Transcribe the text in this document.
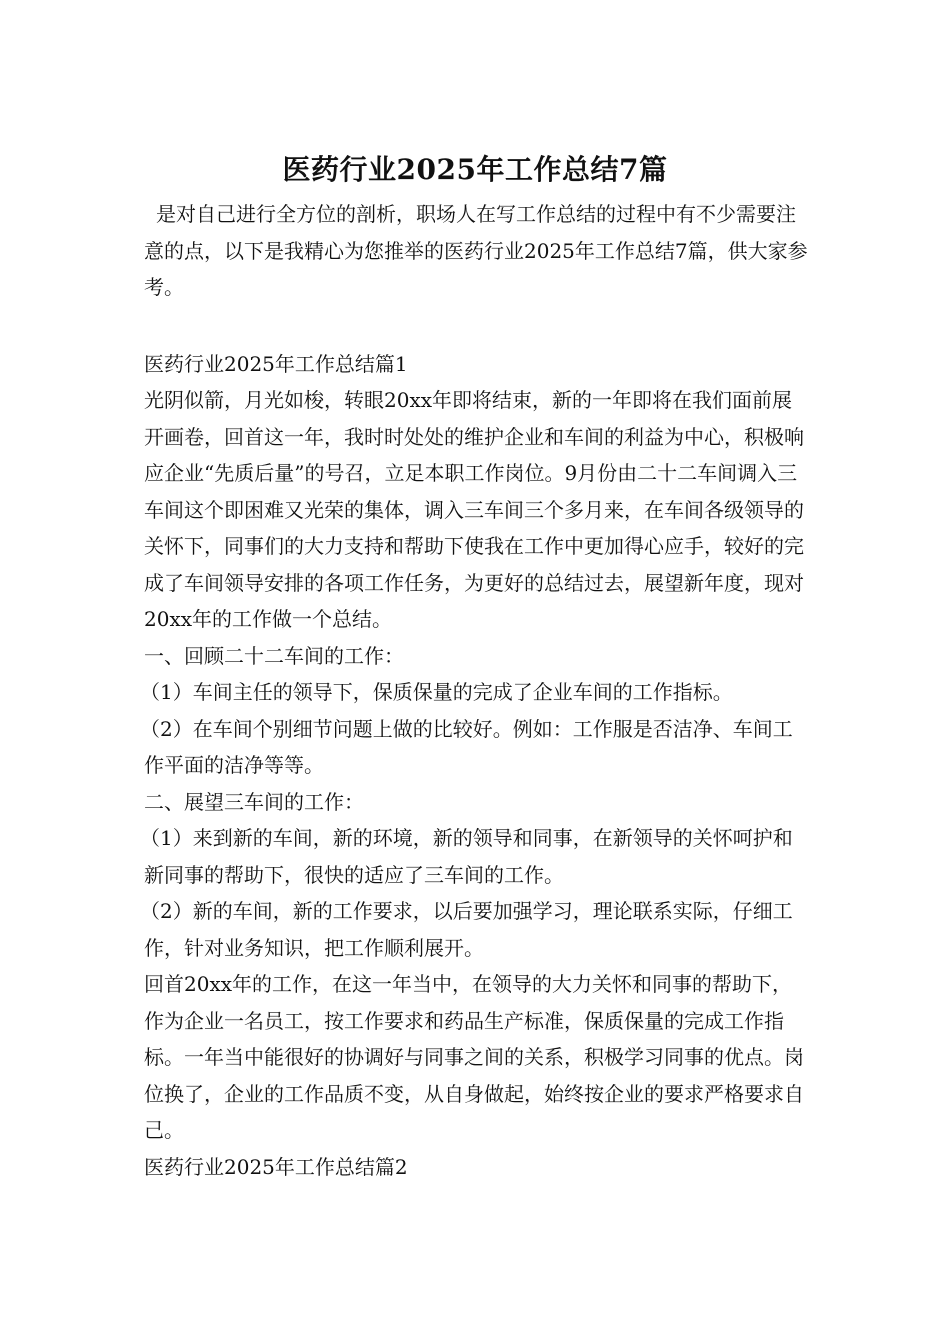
医药行业2025年工作总结7篇

是对自己进行全方位的剖析，职场人在写工作总结的过程中有不少需要注意的点，以下是我精心为您推举的医药行业2025年工作总结7篇，供大家参考。

医药行业2025年工作总结篇1

光阴似箭，月光如梭，转眼20xx年即将结束，新的一年即将在我们面前展开画卷，回首这一年，我时时处处的维护企业和车间的利益为中心，积极响应企业“先质后量”的号召，立足本职工作岗位。9月份由二十二车间调入三车间这个即困难又光荣的集体，调入三车间三个多月来，在车间各级领导的关怀下，同事们的大力支持和帮助下使我在工作中更加得心应手，较好的完成了车间领导安排的各项工作任务，为更好的总结过去，展望新年度，现对20xx年的工作做一个总结。

一、回顾二十二车间的工作：

（1）车间主任的领导下，保质保量的完成了企业车间的工作指标。

（2）在车间个别细节问题上做的比较好。例如：工作服是否洁净、车间工作平面的洁净等等。

二、展望三车间的工作：

（1）来到新的车间，新的环境，新的领导和同事，在新领导的关怀呵护和新同事的帮助下，很快的适应了三车间的工作。

（2）新的车间，新的工作要求，以后要加强学习，理论联系实际，仔细工作，针对业务知识，把工作顺利展开。

回首20xx年的工作，在这一年当中，在领导的大力关怀和同事的帮助下，作为企业一名员工，按工作要求和药品生产标准，保质保量的完成工作指标。一年当中能很好的协调好与同事之间的关系，积极学习同事的优点。岗位换了，企业的工作品质不变，从自身做起，始终按企业的要求严格要求自己。

医药行业2025年工作总结篇2
